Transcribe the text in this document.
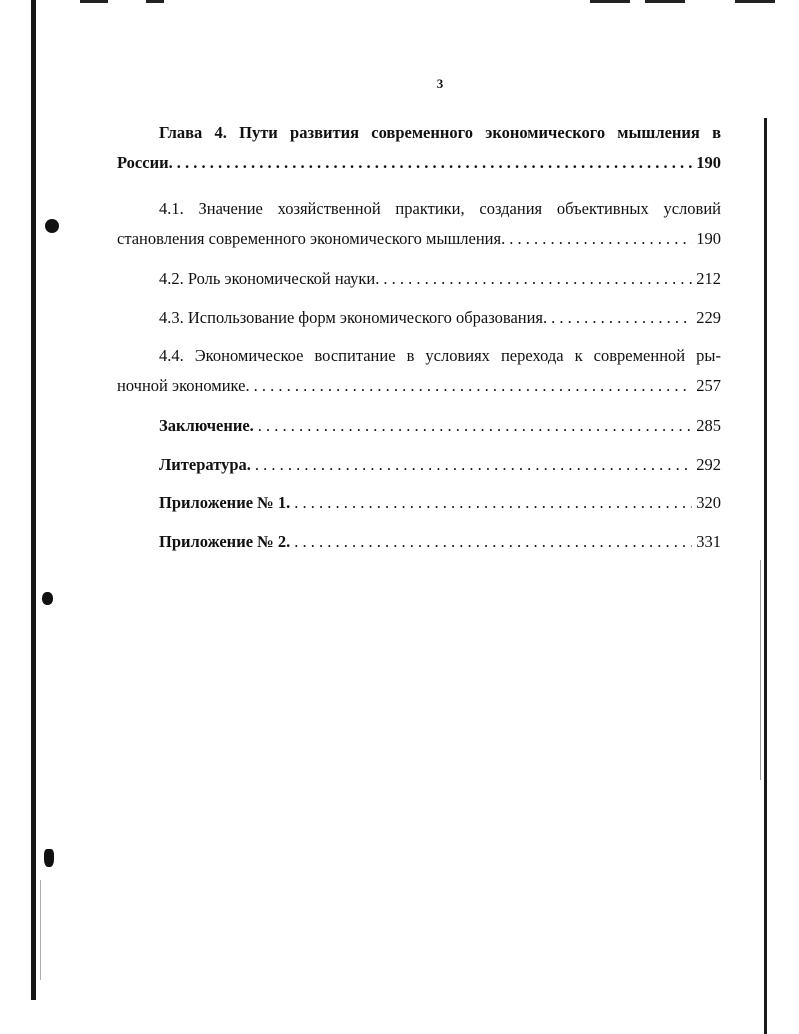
3
Глава 4. Пути развития современного экономического мышления в
России. . . .	190
4.1. Значение хозяйственной практики, создания объективных условий
становления современного экономического мышления. . . .	190
4.2. Роль экономической науки. . . .	212
4.3. Использование форм экономического образования. . . .	229
4.4. Экономическое воспитание в условиях перехода к современной ры-
ночной экономике. . . .	257
Заключение. . . .	285
Литература. . . .	292
Приложение № 1. . . .	320
Приложение № 2. . . .	331
